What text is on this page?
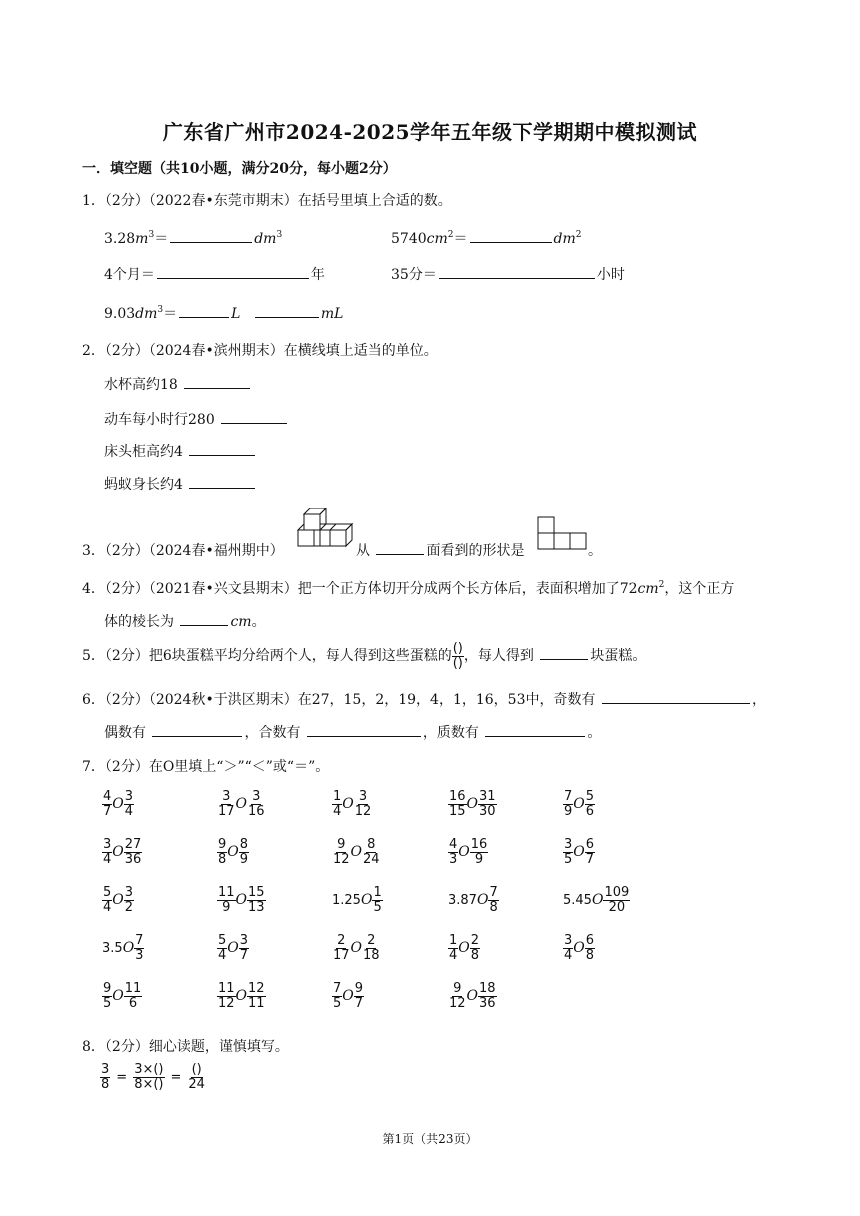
广东省广州市2024-2025学年五年级下学期期中模拟测试
一．填空题（共10小题，满分20分，每小题2分）
1．（2分）（2022春•东莞市期末）在括号里填上合适的数。
$3.28m^3=$	$dm^3$	$5740cm^2=$	$dm^2$
4个月＝	年	35分＝	小时
$9.03dm^3=$	L	mL
2．（2分）（2024春•滨州期末）在横线填上适当的单位。
水杯高约18
动车每小时行280
床头柜高约4
蚂蚁身长约4
3．（2分）（2024春•福州期中）	从	面看到的形状是	。
4．（2分）（2021春•兴文县期末）把一个正方体切开分成两个长方体后，表面积增加了$72cm^2$，这个正方
体的棱长为	cm。
5．（2分）把6块蛋糕平均分给两个人，每人得到这些蛋糕的 $\frac{()}{()}$ ，每人得到	块蛋糕。
6．（2分）（2024秋•于洪区期末）在27，15，2，19，4，1，16，53中，奇数有	，
偶数有	，合数有	，质数有	。
7．（2分）在O里填上“＞”“＜”或“＝”。
$\frac{4}{7}$ O $\frac{3}{4}$	$\frac{3}{17}$ O $\frac{3}{16}$	$\frac{1}{4}$ O $\frac{3}{12}$	$\frac{16}{15}$ O $\frac{31}{30}$	$\frac{7}{9}$ O $\frac{5}{6}$
$\frac{3}{4}$ O $\frac{27}{36}$	$\frac{9}{8}$ O $\frac{8}{9}$	$\frac{9}{12}$ O $\frac{8}{24}$	$\frac{4}{3}$ O $\frac{16}{9}$	$\frac{3}{5}$ O $\frac{6}{7}$
$\frac{5}{4}$ O $\frac{3}{2}$	$\frac{11}{9}$ O $\frac{15}{13}$	1.25 O $\frac{1}{5}$	3.87 O $\frac{7}{8}$	5.45 O $\frac{109}{20}$
3.5 O $\frac{7}{3}$	$\frac{5}{4}$ O $\frac{3}{7}$	$\frac{2}{17}$ O $\frac{2}{18}$	$\frac{1}{4}$ O $\frac{2}{8}$	$\frac{3}{4}$ O $\frac{6}{8}$
$\frac{9}{5}$ O $\frac{11}{6}$	$\frac{11}{12}$ O $\frac{12}{11}$	$\frac{7}{5}$ O $\frac{9}{7}$	$\frac{9}{12}$ O $\frac{18}{36}$
8．（2分）细心读题，谨慎填写。
$\frac{3}{8} = \frac{3\times()}{8\times()} = \frac{()}{24}$
第1页（共23页）
